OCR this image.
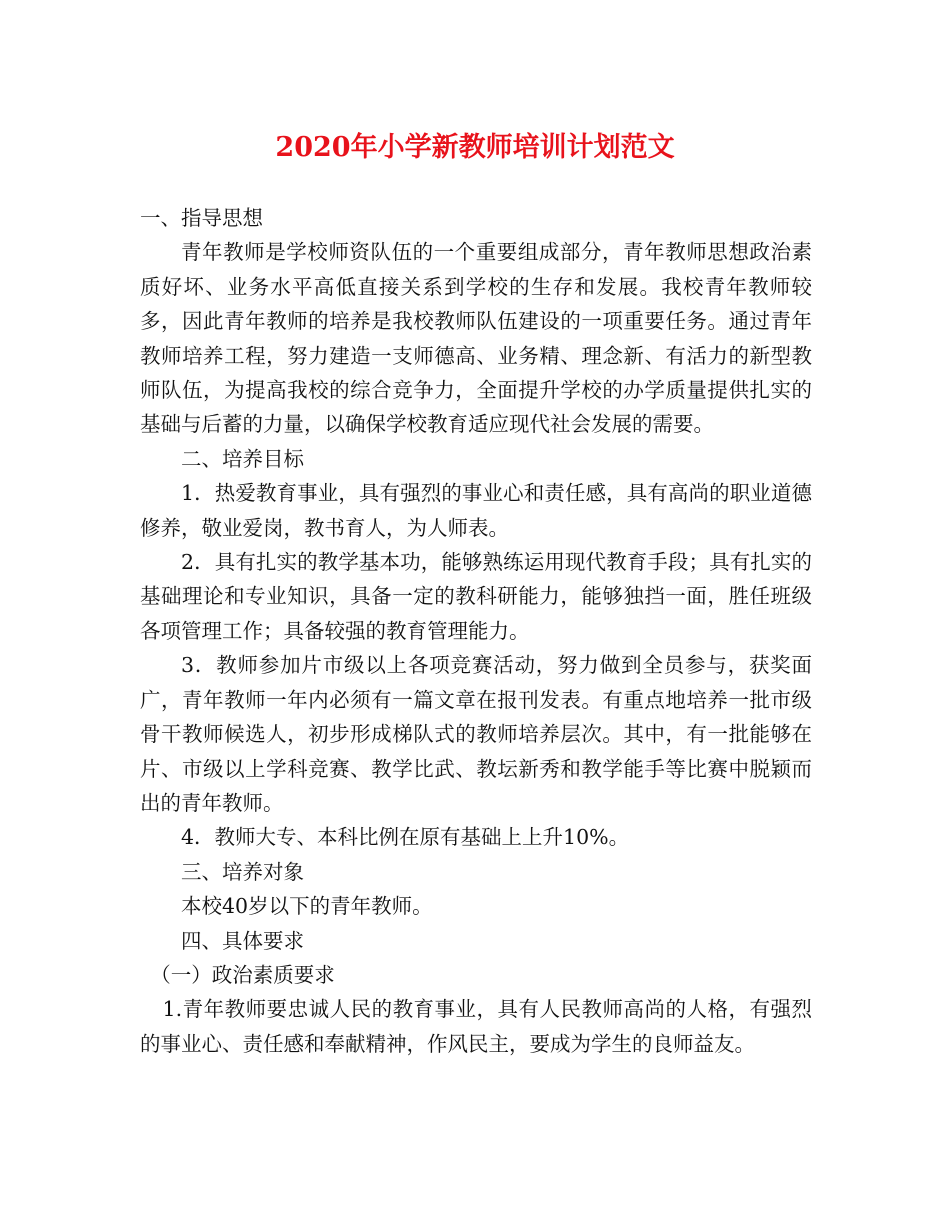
2020年小学新教师培训计划范文

一、指导思想

青年教师是学校师资队伍的一个重要组成部分，青年教师思想政治素质好坏、业务水平高低直接关系到学校的生存和发展。我校青年教师较多，因此青年教师的培养是我校教师队伍建设的一项重要任务。通过青年教师培养工程，努力建造一支师德高、业务精、理念新、有活力的新型教师队伍，为提高我校的综合竞争力，全面提升学校的办学质量提供扎实的基础与后蓄的力量，以确保学校教育适应现代社会发展的需要。

二、培养目标

1．热爱教育事业，具有强烈的事业心和责任感，具有高尚的职业道德修养，敬业爱岗，教书育人，为人师表。

2．具有扎实的教学基本功，能够熟练运用现代教育手段；具有扎实的基础理论和专业知识，具备一定的教科研能力，能够独挡一面，胜任班级各项管理工作；具备较强的教育管理能力。

3．教师参加片市级以上各项竞赛活动，努力做到全员参与，获奖面广，青年教师一年内必须有一篇文章在报刊发表。有重点地培养一批市级骨干教师候选人，初步形成梯队式的教师培养层次。其中，有一批能够在片、市级以上学科竞赛、教学比武、教坛新秀和教学能手等比赛中脱颖而出的青年教师。

4．教师大专、本科比例在原有基础上上升10%。

三、培养对象

本校40岁以下的青年教师。

四、具体要求

（一）政治素质要求

1.青年教师要忠诚人民的教育事业，具有人民教师高尚的人格，有强烈的事业心、责任感和奉献精神，作风民主，要成为学生的良师益友。
